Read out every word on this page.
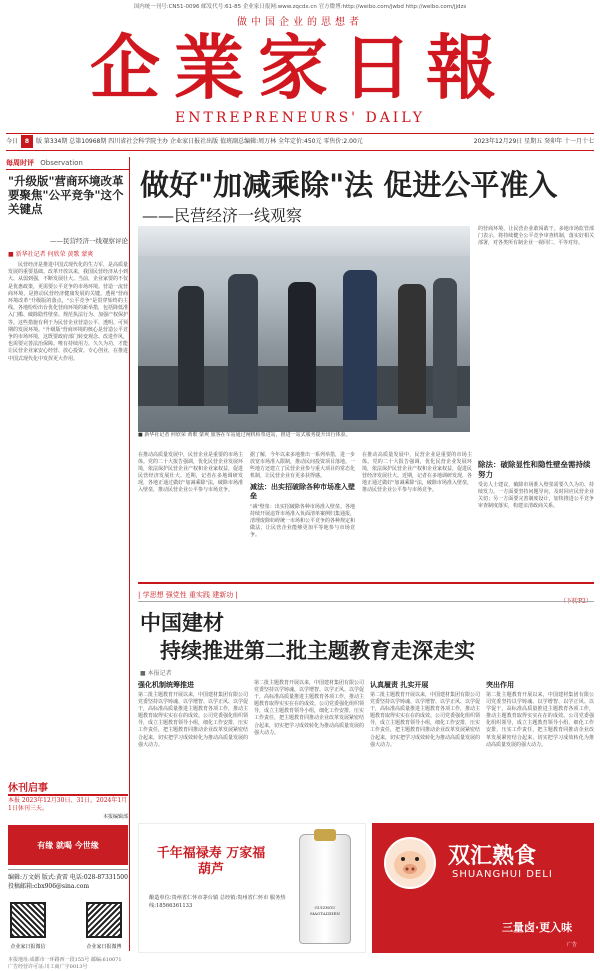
国内统一刊号:CN51-0096 邮发代号:61-85 企业家日报网:www.zqcdx.cn 官方微博:http://weibo.com/jwbd http://weibo.com/jjdzs
做中国企业的思想者
企業家日報
ENTREPRENEURS' DAILY
今日 8 版 第334期 总第10968期 四川省社会科学院主办 企业家日报社出版 值班副总编辑:周万林 全年定价:450元 零售价:2.00元	2023年12月29日 星期五 癸卯年 十一月十七
每周时评 Observation
"升级版"营商环境改革要聚焦"公平竞争"这个关键点
——民营经济一线观察评论
■ 新华社记者 何欣荣 黄歌 蒙爽
民营经济是推进中国式现代化的生力军，是高质量发展的重要基础。改革开放以来，我国民营经济从小到大、从弱到强，不断发展壮大。当前，企业家要的不仅是优惠政策，更需要公平竞争的市场环境。营造一流营商环境，是推动民营经济健康发展的关键。透视"营商环境改革"升级版的落点，"公平竞争"是贯穿始终的主线。各地纷纷出台优化营商环境的新举措，包括降低准入门槛、破除隐性壁垒、规范执法行为、加强产权保护等。这些措施有利于为民营企业营造公平、透明、可预期的发展环境。"升级版"营商环境的核心是营造公平竞争的市场环境，这既要政府部门转变观念、改进作风，也需要完善法治保障。唯有持续用力、久久为功，才能让民营企业家安心经营、放心投资、专心创业，在推进中国式现代化中发挥更大作用。
休刊启事
本报 2023年12月30日、31日，2024年1月1日休刊三天。
有缘 就喝 今世缘
本报编辑部
编辑:万文娟 版式:黄雷 电话:028-87331500 投稿邮箱:cbx906@sina.com
企业家日报微信	企业家日报微博
本报地址:成都市一环路西一段155号 邮编:610071 广告经营许可证:川工商广字0013号
做好"加减乘除"法 促进公平准入
——民营经济一线观察
■ 新华社记者 何欣荣 黄歌 蒙爽 旅客在车站通过闸机检票进站，推进一站式服务提升出行体验。
的营商环境，让民营企业敢闯敢干。多地市场监管部门表示，将持续健全公平竞争审查机制，落实好相关部署，对各类所有制企业一视同仁、平等对待。
除法：破除显性和隐性壁垒需持续努力
受访人士建议，破除市场准入壁垒需要久久为功、持续发力。一方面要坚持问题导向，及时回应民营企业关切；另一方面要完善制度设计，加快推进公平竞争审查制度落实，构建亲清政商关系。
（下转P2）
在推动高质量发展中，民营企业是重要的市场主体。党的二十大报告强调，优化民营企业发展环境，依法保护民营企业产权和企业家权益，促进民营经济发展壮大。近期，记者在多地调研发现，各地正通过做好"加减乘除"法，破除市场准入壁垒，推动民营企业公平参与市场竞争。
据了解，今年以来多地推出一系列举措，进一步放宽市场准入限制，推动民间投资项目落地。一些地方还建立了民营企业参与重大项目的常态化机制，让民营企业有更多获得感。
减法：出实招破除各种市场准入壁垒
"减"壁垒：出实招破除各种市场准入壁垒。各地持续开展违背市场准入负面清单案例归集通报，清理废除妨碍统一市场和公平竞争的各种规定和做法，让民营企业能够更加平等地参与市场竞争。
在推动高质量发展中，民营企业是重要的市场主体。党的二十大报告强调，优化民营企业发展环境，依法保护民营企业产权和企业家权益，促进民营经济发展壮大。近期，记者在多地调研发现，各地正通过做好"加减乘除"法，破除市场准入壁垒，推动民营企业公平参与市场竞争。
| 学思想 强党性 重实践 建新功 |
中国建材
持续推进第二批主题教育走深走实
■ 本报记者
强化机制统筹推进
第二批主题教育开展以来，中国建材集团有限公司党委坚持以学铸魂、以学增智、以学正风、以学促干，高标准高质量推进主题教育各项工作，推动主题教育取得实实在在的成效。公司党委强化组织领导，成立主题教育领导小组，细化工作安排，压实工作责任，把主题教育同推动企业改革发展紧密结合起来，切实把学习成效转化为推动高质量发展的强大动力。
第二批主题教育开展以来，中国建材集团有限公司党委坚持以学铸魂、以学增智、以学正风、以学促干，高标准高质量推进主题教育各项工作，推动主题教育取得实实在在的成效。公司党委强化组织领导，成立主题教育领导小组，细化工作安排，压实工作责任，把主题教育同推动企业改革发展紧密结合起来，切实把学习成效转化为推动高质量发展的强大动力。
认真履责 扎实开展
第二批主题教育开展以来，中国建材集团有限公司党委坚持以学铸魂、以学增智、以学正风、以学促干，高标准高质量推进主题教育各项工作，推动主题教育取得实实在在的成效。公司党委强化组织领导，成立主题教育领导小组，细化工作安排，压实工作责任，把主题教育同推动企业改革发展紧密结合起来，切实把学习成效转化为推动高质量发展的强大动力。
突出作用
第二批主题教育开展以来，中国建材集团有限公司党委坚持以学铸魂、以学增智、以学正风、以学促干，高标准高质量推进主题教育各项工作，推动主题教育取得实实在在的成效。公司党委强化组织领导，成立主题教育领导小组，细化工作安排，压实工作责任，把主题教育同推动企业改革发展紧密结合起来，切实把学习成效转化为推动高质量发展的强大动力。
千年福禄寿 万家福葫芦
酿造单位:贵州省仁怀市茅台镇 总经销:贵州省仁怀市 服务热线:18566361133	GUIZHOU MAOTAIZHEN
双汇熟食
SHUANGHUI DELI
三量卤·更入味
广告
